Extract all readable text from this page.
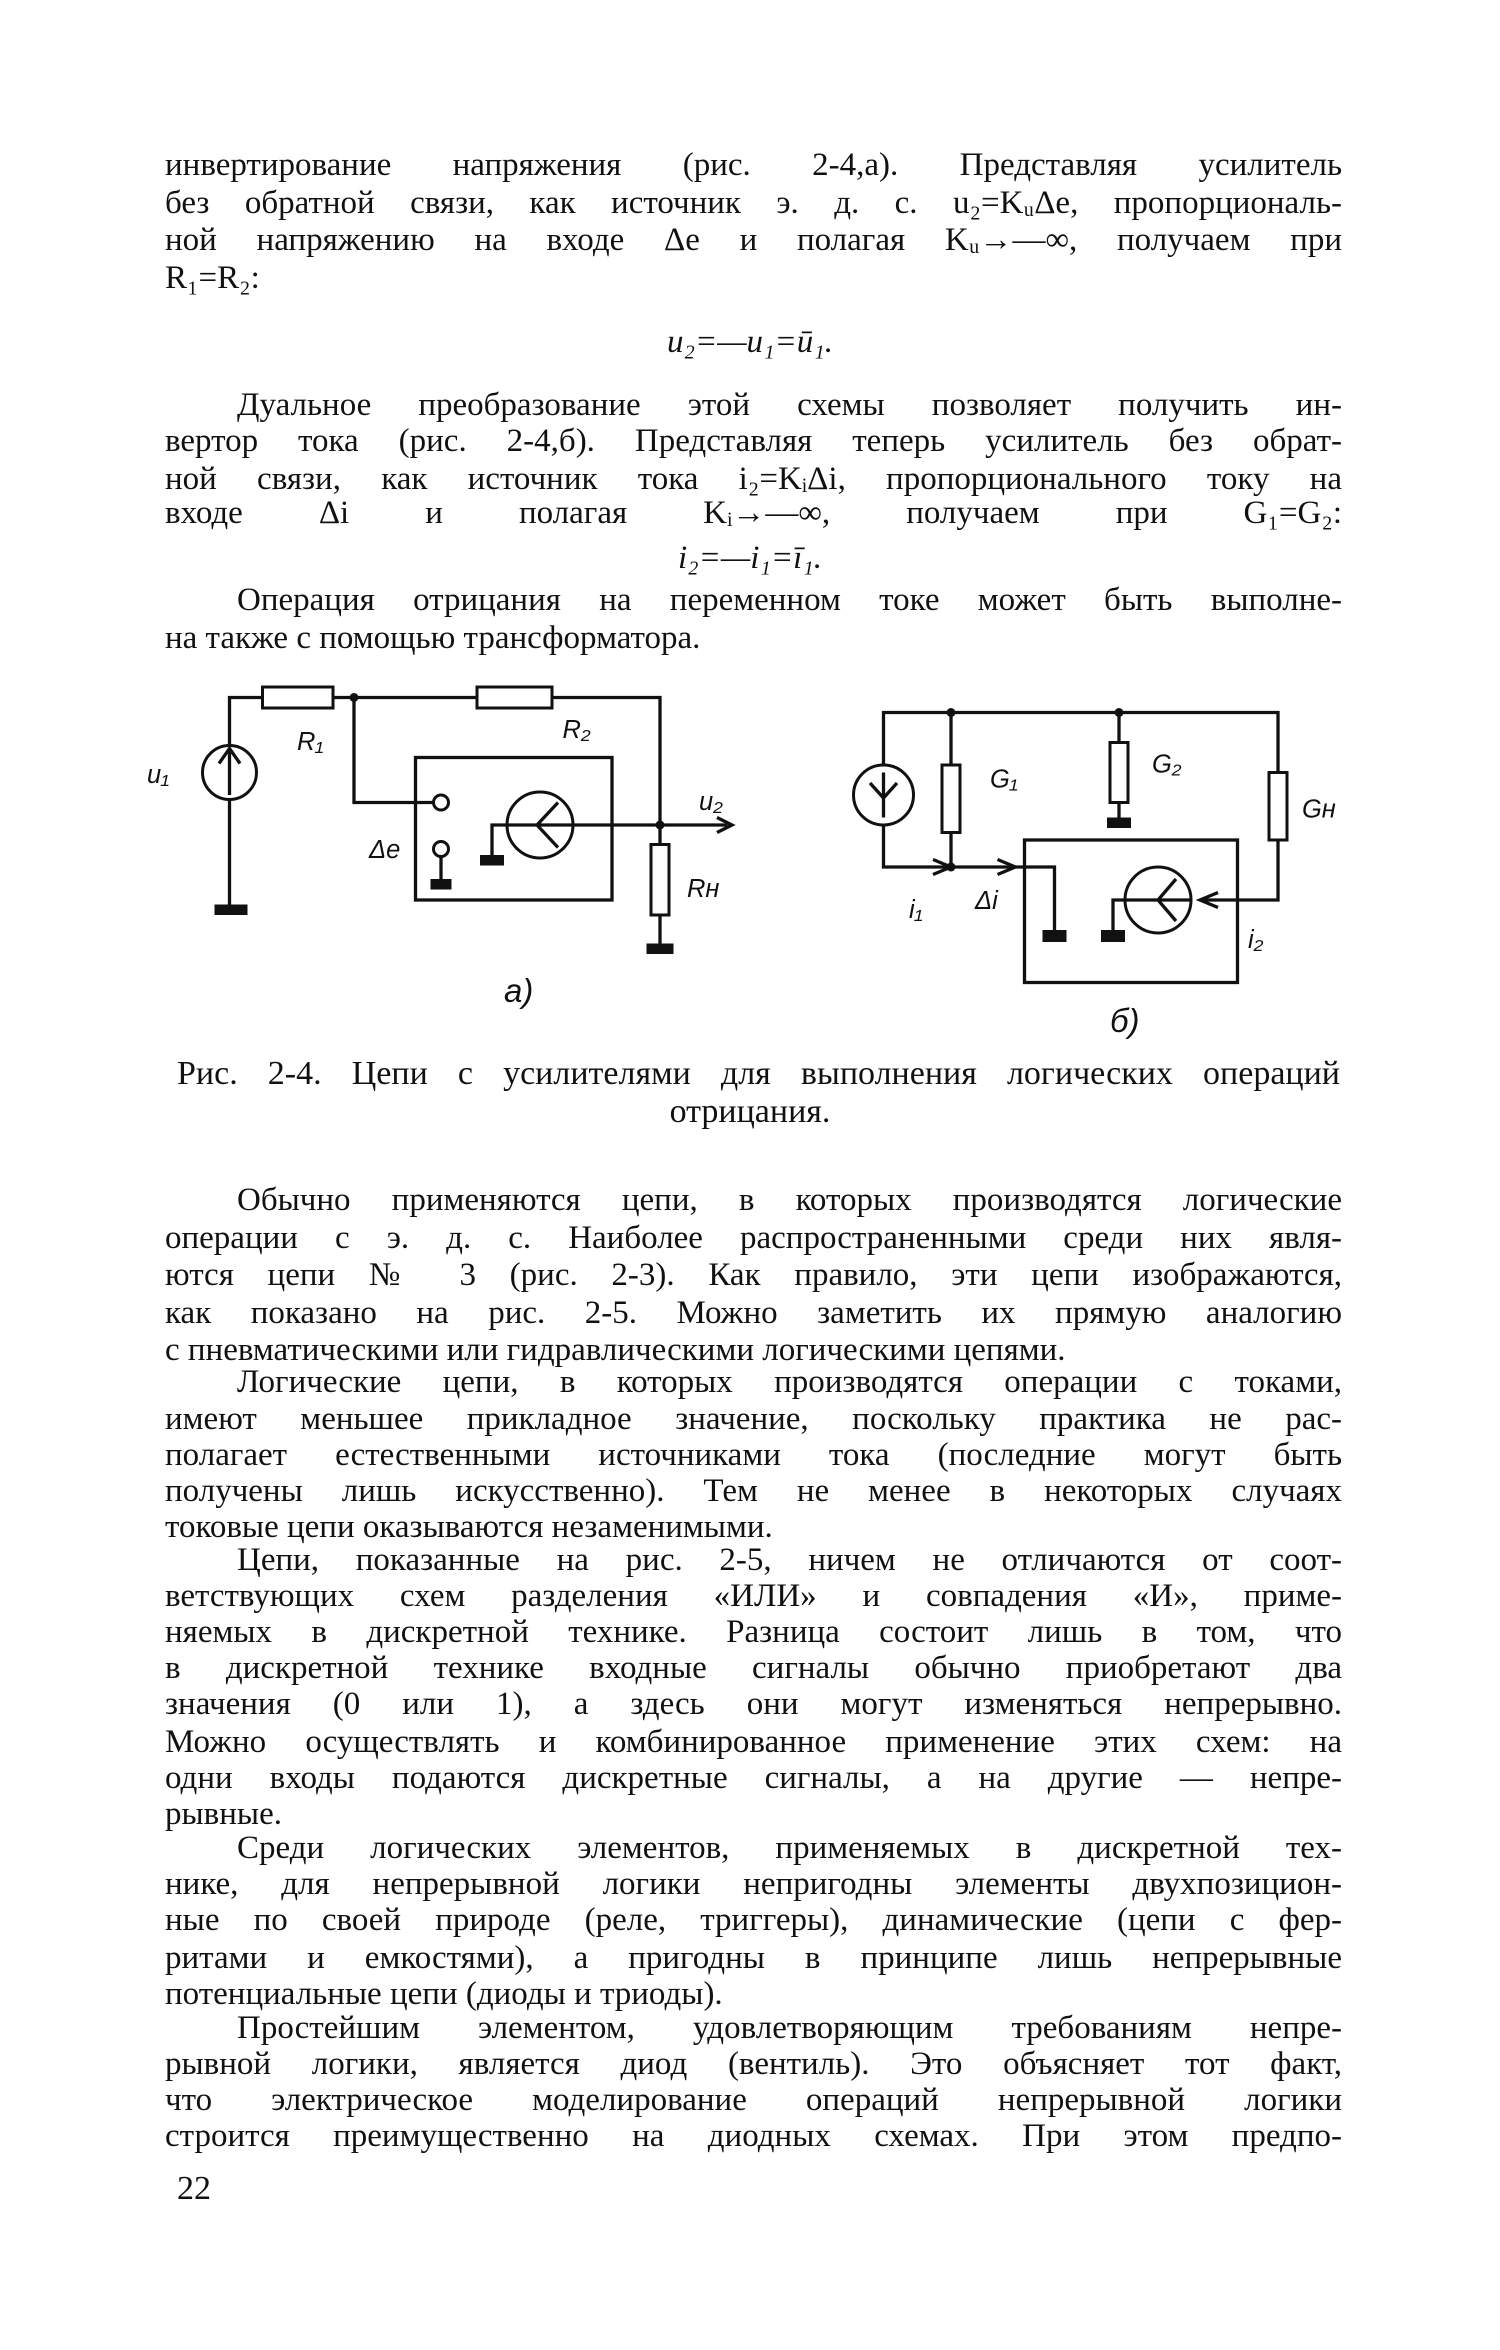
инвертирование напряжения (рис. 2-4,а). Представляя усилитель
без обратной связи, как источник э. д. с. u₂=KᵤΔe, пропорциональ-
ной напряжению на входе Δe и полагая Kᵤ→—∞, получаем при
R₁=R₂:
u₂=—u₁=ū₁.
Дуальное преобразование этой схемы позволяет получить ин-
вертор тока (рис. 2-4,б). Представляя теперь усилитель без обрат-
ной связи, как источник тока i₂=KᵢΔi, пропорционального току на
входе Δi и полагая Kᵢ→—∞, получаем при G₁=G₂:
i₂=—i₁=ī₁.
Операция отрицания на переменном токе может быть выполне-
на также с помощью трансформатора.
u₁
R₁	R₂
Δe
u₂
Rн
а)
G₁
G₂
Gн
i₁	Δi
i₂
б)
Рис. 2-4. Цепи с усилителями для выполнения логических операций
отрицания.
Обычно применяются цепи, в которых производятся логические
операции с э. д. с. Наиболее распространенными среди них явля-
ются цепи № 3 (рис. 2-3). Как правило, эти цепи изображаются,
как показано на рис. 2-5. Можно заметить их прямую аналогию
с пневматическими или гидравлическими логическими цепями.
Логические цепи, в которых производятся операции с токами,
имеют меньшее прикладное значение, поскольку практика не рас-
полагает естественными источниками тока (последние могут быть
получены лишь искусственно). Тем не менее в некоторых случаях
токовые цепи оказываются незаменимыми.
Цепи, показанные на рис. 2-5, ничем не отличаются от соот-
ветствующих схем разделения «ИЛИ» и совпадения «И», приме-
няемых в дискретной технике. Разница состоит лишь в том, что
в дискретной технике входные сигналы обычно приобретают два
значения (0 или 1), а здесь они могут изменяться непрерывно.
Можно осуществлять и комбинированное применение этих схем: на
одни входы подаются дискретные сигналы, а на другие — непре-
рывные.
Среди логических элементов, применяемых в дискретной тех-
нике, для непрерывной логики непригодны элементы двухпозицион-
ные по своей природе (реле, триггеры), динамические (цепи с фер-
ритами и емкостями), а пригодны в принципе лишь непрерывные
потенциальные цепи (диоды и триоды).
Простейшим элементом, удовлетворяющим требованиям непре-
рывной логики, является диод (вентиль). Это объясняет тот факт,
что электрическое моделирование операций непрерывной логики
строится преимущественно на диодных схемах. При этом предпо-
22
